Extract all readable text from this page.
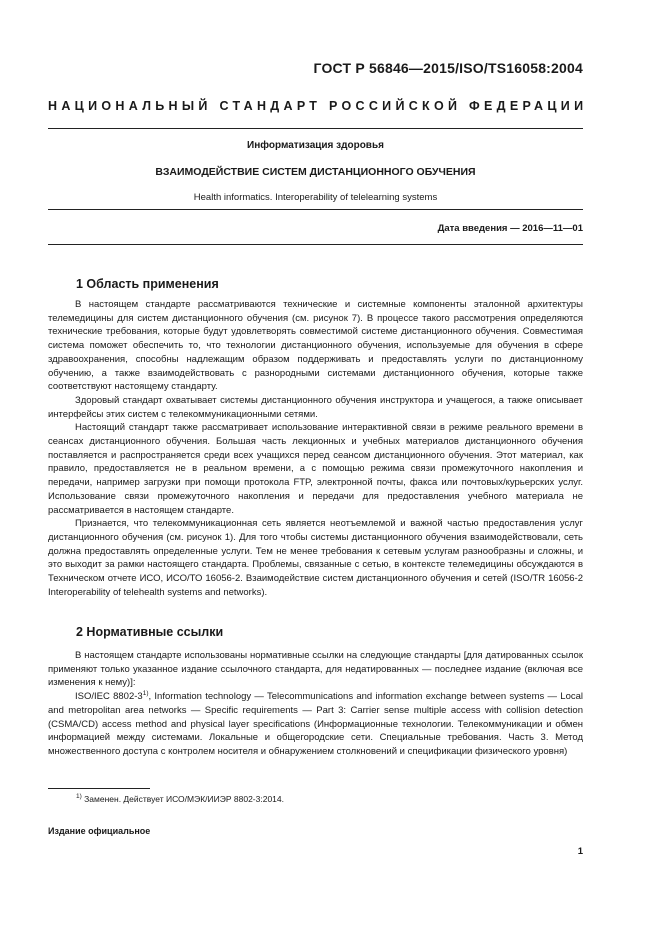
ГОСТ Р 56846—2015/ISO/TS16058:2004
НАЦИОНАЛЬНЫЙ СТАНДАРТ РОССИЙСКОЙ ФЕДЕРАЦИИ
Информатизация здоровья
ВЗАИМОДЕЙСТВИЕ СИСТЕМ ДИСТАНЦИОННОГО ОБУЧЕНИЯ
Health informatics. Interoperability of telelearning systems
Дата введения — 2016—11—01
1 Область применения

В настоящем стандарте рассматриваются технические и системные компоненты эталонной архитектуры телемедицины для систем дистанционного обучения (см. рисунок 7). В процессе такого рассмотрения определяются технические требования, которые будут удовлетворять совместимой системе дистанционного обучения. Совместимая система поможет обеспечить то, что технологии дистанционного обучения, используемые для обучения в сфере здравоохранения, способны надлежащим образом поддерживать и предоставлять услуги по дистанционному обучению, а также взаимодействовать с разнородными системами дистанционного обучения, которые также соответствуют настоящему стандарту.

Здоровый стандарт охватывает системы дистанционного обучения инструктора и учащегося, а также описывает интерфейсы этих систем с телекоммуникационными сетями.

Настоящий стандарт также рассматривает использование интерактивной связи в режиме реального времени в сеансах дистанционного обучения. Большая часть лекционных и учебных материалов дистанционного обучения поставляется и распространяется среди всех учащихся перед сеансом дистанционного обучения. Этот материал, как правило, предоставляется не в реальном времени, а с помощью режима связи промежуточного накопления и передачи, например загрузки при помощи протокола FTP, электронной почты, факса или почтовых/курьерских услуг. Использование связи промежуточного накопления и передачи для предоставления учебного материала не рассматривается в настоящем стандарте.

Признается, что телекоммуникационная сеть является неотъемлемой и важной частью предоставления услуг дистанционного обучения (см. рисунок 1). Для того чтобы системы дистанционного обучения взаимодействовали, сеть должна предоставлять определенные услуги. Тем не менее требования к сетевым услугам разнообразны и сложны, и это выходит за рамки настоящего стандарта. Проблемы, связанные с сетью, в контексте телемедицины обсуждаются в Техническом отчете ИСО, ИСО/ТО 16056-2. Взаимодействие систем дистанционного обучения и сетей (ISO/TR 16056-2 Interoperability of telehealth systems and networks).

2 Нормативные ссылки

В настоящем стандарте использованы нормативные ссылки на следующие стандарты [для датированных ссылок применяют только указанное издание ссылочного стандарта, для недатированных — последнее издание (включая все изменения к нему)]:

ISO/IEC 8802-3$^{1)}$, Information technology — Telecommunications and information exchange between systems — Local and metropolitan area networks — Specific requirements — Part 3: Carrier sense multiple access with collision detection (CSMA/CD) access method and physical layer specifications (Информационные технологии. Телекоммуникации и обмен информацией между системами. Локальные и общегородские сети. Специальные требования. Часть 3. Метод множественного доступа с контролем носителя и обнаружением столкновений и спецификации физического уровня)

$^{1)}$ Заменен. Действует ИСО/МЭК/ИИЭР 8802-3:2014.
Издание официальное
1
